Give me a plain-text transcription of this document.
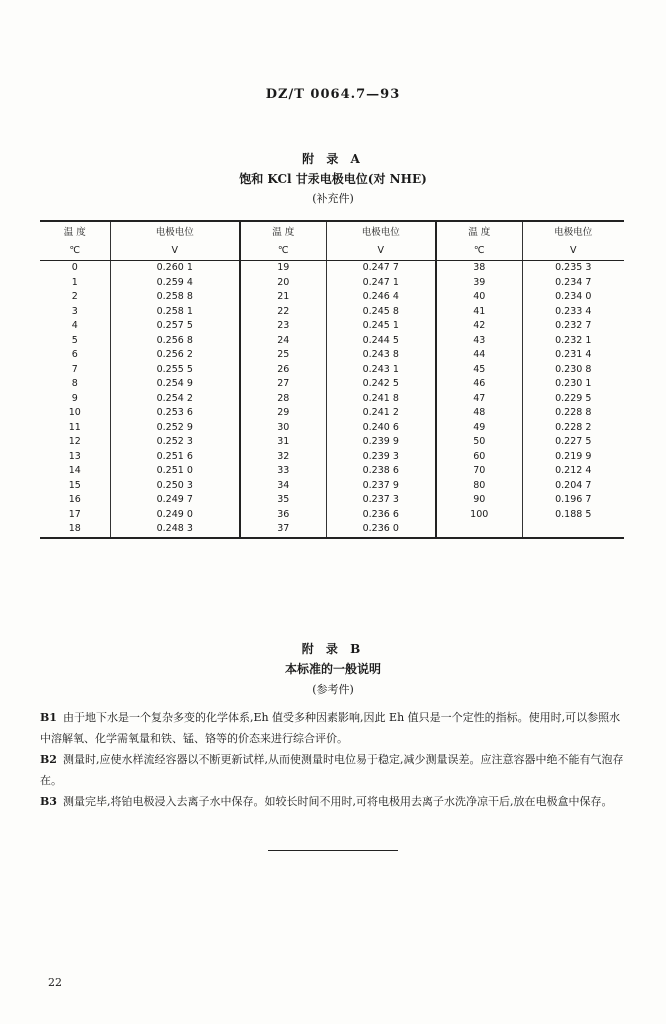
DZ/T 0064.7—93
附 录 A
饱和 KCl 甘汞电极电位(对 NHE)
(补充件)
温 度	电极电位	温 度	电极电位	温 度	电极电位
℃	V	℃	V	℃	V
0	0.260 1	19	0.247 7	38	0.235 3
1	0.259 4	20	0.247 1	39	0.234 7
2	0.258 8	21	0.246 4	40	0.234 0
3	0.258 1	22	0.245 8	41	0.233 4
4	0.257 5	23	0.245 1	42	0.232 7
5	0.256 8	24	0.244 5	43	0.232 1
6	0.256 2	25	0.243 8	44	0.231 4
7	0.255 5	26	0.243 1	45	0.230 8
8	0.254 9	27	0.242 5	46	0.230 1
9	0.254 2	28	0.241 8	47	0.229 5
10	0.253 6	29	0.241 2	48	0.228 8
11	0.252 9	30	0.240 6	49	0.228 2
12	0.252 3	31	0.239 9	50	0.227 5
13	0.251 6	32	0.239 3	60	0.219 9
14	0.251 0	33	0.238 6	70	0.212 4
15	0.250 3	34	0.237 9	80	0.204 7
16	0.249 7	35	0.237 3	90	0.196 7
17	0.249 0	36	0.236 6	100	0.188 5
18	0.248 3	37	0.236 0		
附 录 B
本标准的一般说明
(参考件)
B1 由于地下水是一个复杂多变的化学体系,Eh 值受多种因素影响,因此 Eh 值只是一个定性的指标。使用时,可以参照水中溶解氧、化学需氧量和铁、锰、铬等的价态来进行综合评价。
B2 测量时,应使水样流经容器以不断更新试样,从而使测量时电位易于稳定,减少测量误差。应注意容器中绝不能有气泡存在。
B3 测量完毕,将铂电极浸入去离子水中保存。如较长时间不用时,可将电极用去离子水洗净凉干后,放在电极盒中保存。
22
